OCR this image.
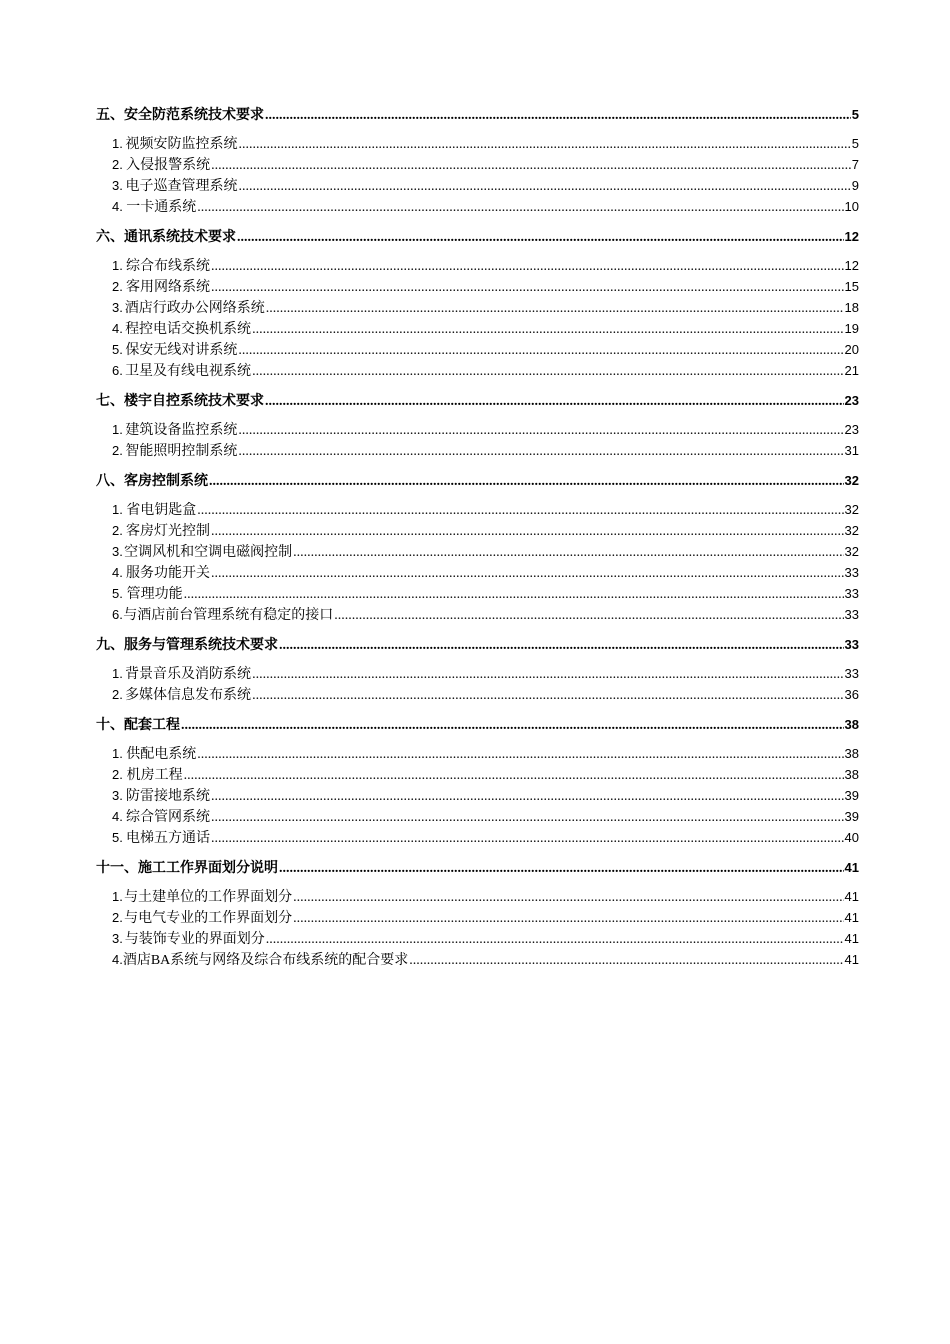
五、 安全防范系统技术要求 .....	5
1. 视频安防监控系统 .....	5
2. 入侵报警系统 .....	7
3. 电子巡查管理系统 .....	9
4. 一卡通系统 .....	10
六、 通讯系统技术要求 .....	12
1. 综合布线系统 .....	12
2. 客用网络系统 .....	15
3. 酒店行政办公网络系统 .....	18
4. 程控电话交换机系统 .....	19
5. 保安无线对讲系统 .....	20
6. 卫星及有线电视系统 .....	21
七、 楼宇自控系统技术要求 .....	23
1. 建筑设备监控系统 .....	23
2. 智能照明控制系统 .....	31
八、 客房控制系统 .....	32
1. 省电钥匙盒 .....	32
2. 客房灯光控制 .....	32
3. 空调风机和空调电磁阀控制 .....	32
4. 服务功能开关 .....	33
5. 管理功能 .....	33
6. 与酒店前台管理系统有稳定的接口 .....	33
九、 服务与管理系统技术要求 .....	33
1. 背景音乐及消防系统 .....	33
2. 多媒体信息发布系统 .....	36
十、 配套工程 .....	38
1. 供配电系统 .....	38
2. 机房工程 .....	38
3. 防雷接地系统 .....	39
4. 综合管网系统 .....	39
5. 电梯五方通话 .....	40
十一、 施工工作界面划分说明 .....	41
1. 与土建单位的工作界面划分 .....	41
2. 与电气专业的工作界面划分 .....	41
3. 与装饰专业的界面划分 .....	41
4. 酒店BA系统与网络及综合布线系统的配合要求 .....	41
